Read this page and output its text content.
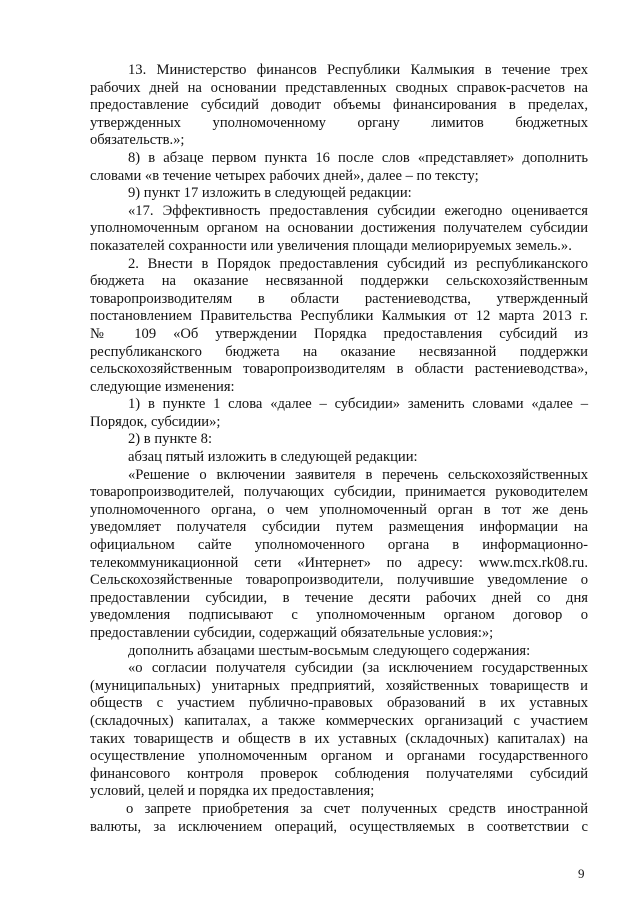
13. Министерство финансов Республики Калмыкия в течение трех
рабочих дней на основании представленных сводных справок-расчетов на
предоставление субсидий доводит объемы финансирования в пределах,
утвержденных уполномоченному органу лимитов бюджетных
обязательств.»;
8) в абзаце первом пункта 16 после слов «представляет» дополнить
словами «в течение четырех рабочих дней», далее – по тексту;
9) пункт 17 изложить в следующей редакции:
«17. Эффективность предоставления субсидии ежегодно оценивается
уполномоченным органом на основании достижения получателем субсидии
показателей сохранности или увеличения площади мелиорируемых земель.».
2. Внести в Порядок предоставления субсидий из республиканского
бюджета на оказание несвязанной поддержки сельскохозяйственным
товаропроизводителям в области растениеводства, утвержденный
постановлением Правительства Республики Калмыкия от 12 марта 2013 г.
№ 109 «Об утверждении Порядка предоставления субсидий из
республиканского бюджета на оказание несвязанной поддержки
сельскохозяйственным товаропроизводителям в области растениеводства»,
следующие изменения:
1) в пункте 1 слова «далее – субсидии» заменить словами «далее –
Порядок, субсидии»;
2) в пункте 8:
абзац пятый изложить в следующей редакции:
«Решение о включении заявителя в перечень сельскохозяйственных
товаропроизводителей, получающих субсидии, принимается руководителем
уполномоченного органа, о чем уполномоченный орган в тот же день
уведомляет получателя субсидии путем размещения информации на
официальном сайте уполномоченного органа в информационно-
телекоммуникационной сети «Интернет» по адресу: www.mcx.rk08.ru.
Сельскохозяйственные товаропроизводители, получившие уведомление о
предоставлении субсидии, в течение десяти рабочих дней со дня
уведомления подписывают с уполномоченным органом договор о
предоставлении субсидии, содержащий обязательные условия:»;
дополнить абзацами шестым-восьмым следующего содержания:
«о согласии получателя субсидии (за исключением государственных
(муниципальных) унитарных предприятий, хозяйственных товариществ и
обществ с участием публично-правовых образований в их уставных
(складочных) капиталах, а также коммерческих организаций с участием
таких товариществ и обществ в их уставных (складочных) капиталах) на
осуществление уполномоченным органом и органами государственного
финансового контроля проверок соблюдения получателями субсидий
условий, целей и порядка их предоставления;
о запрете приобретения за счет полученных средств иностранной
валюты, за исключением операций, осуществляемых в соответствии с
9
